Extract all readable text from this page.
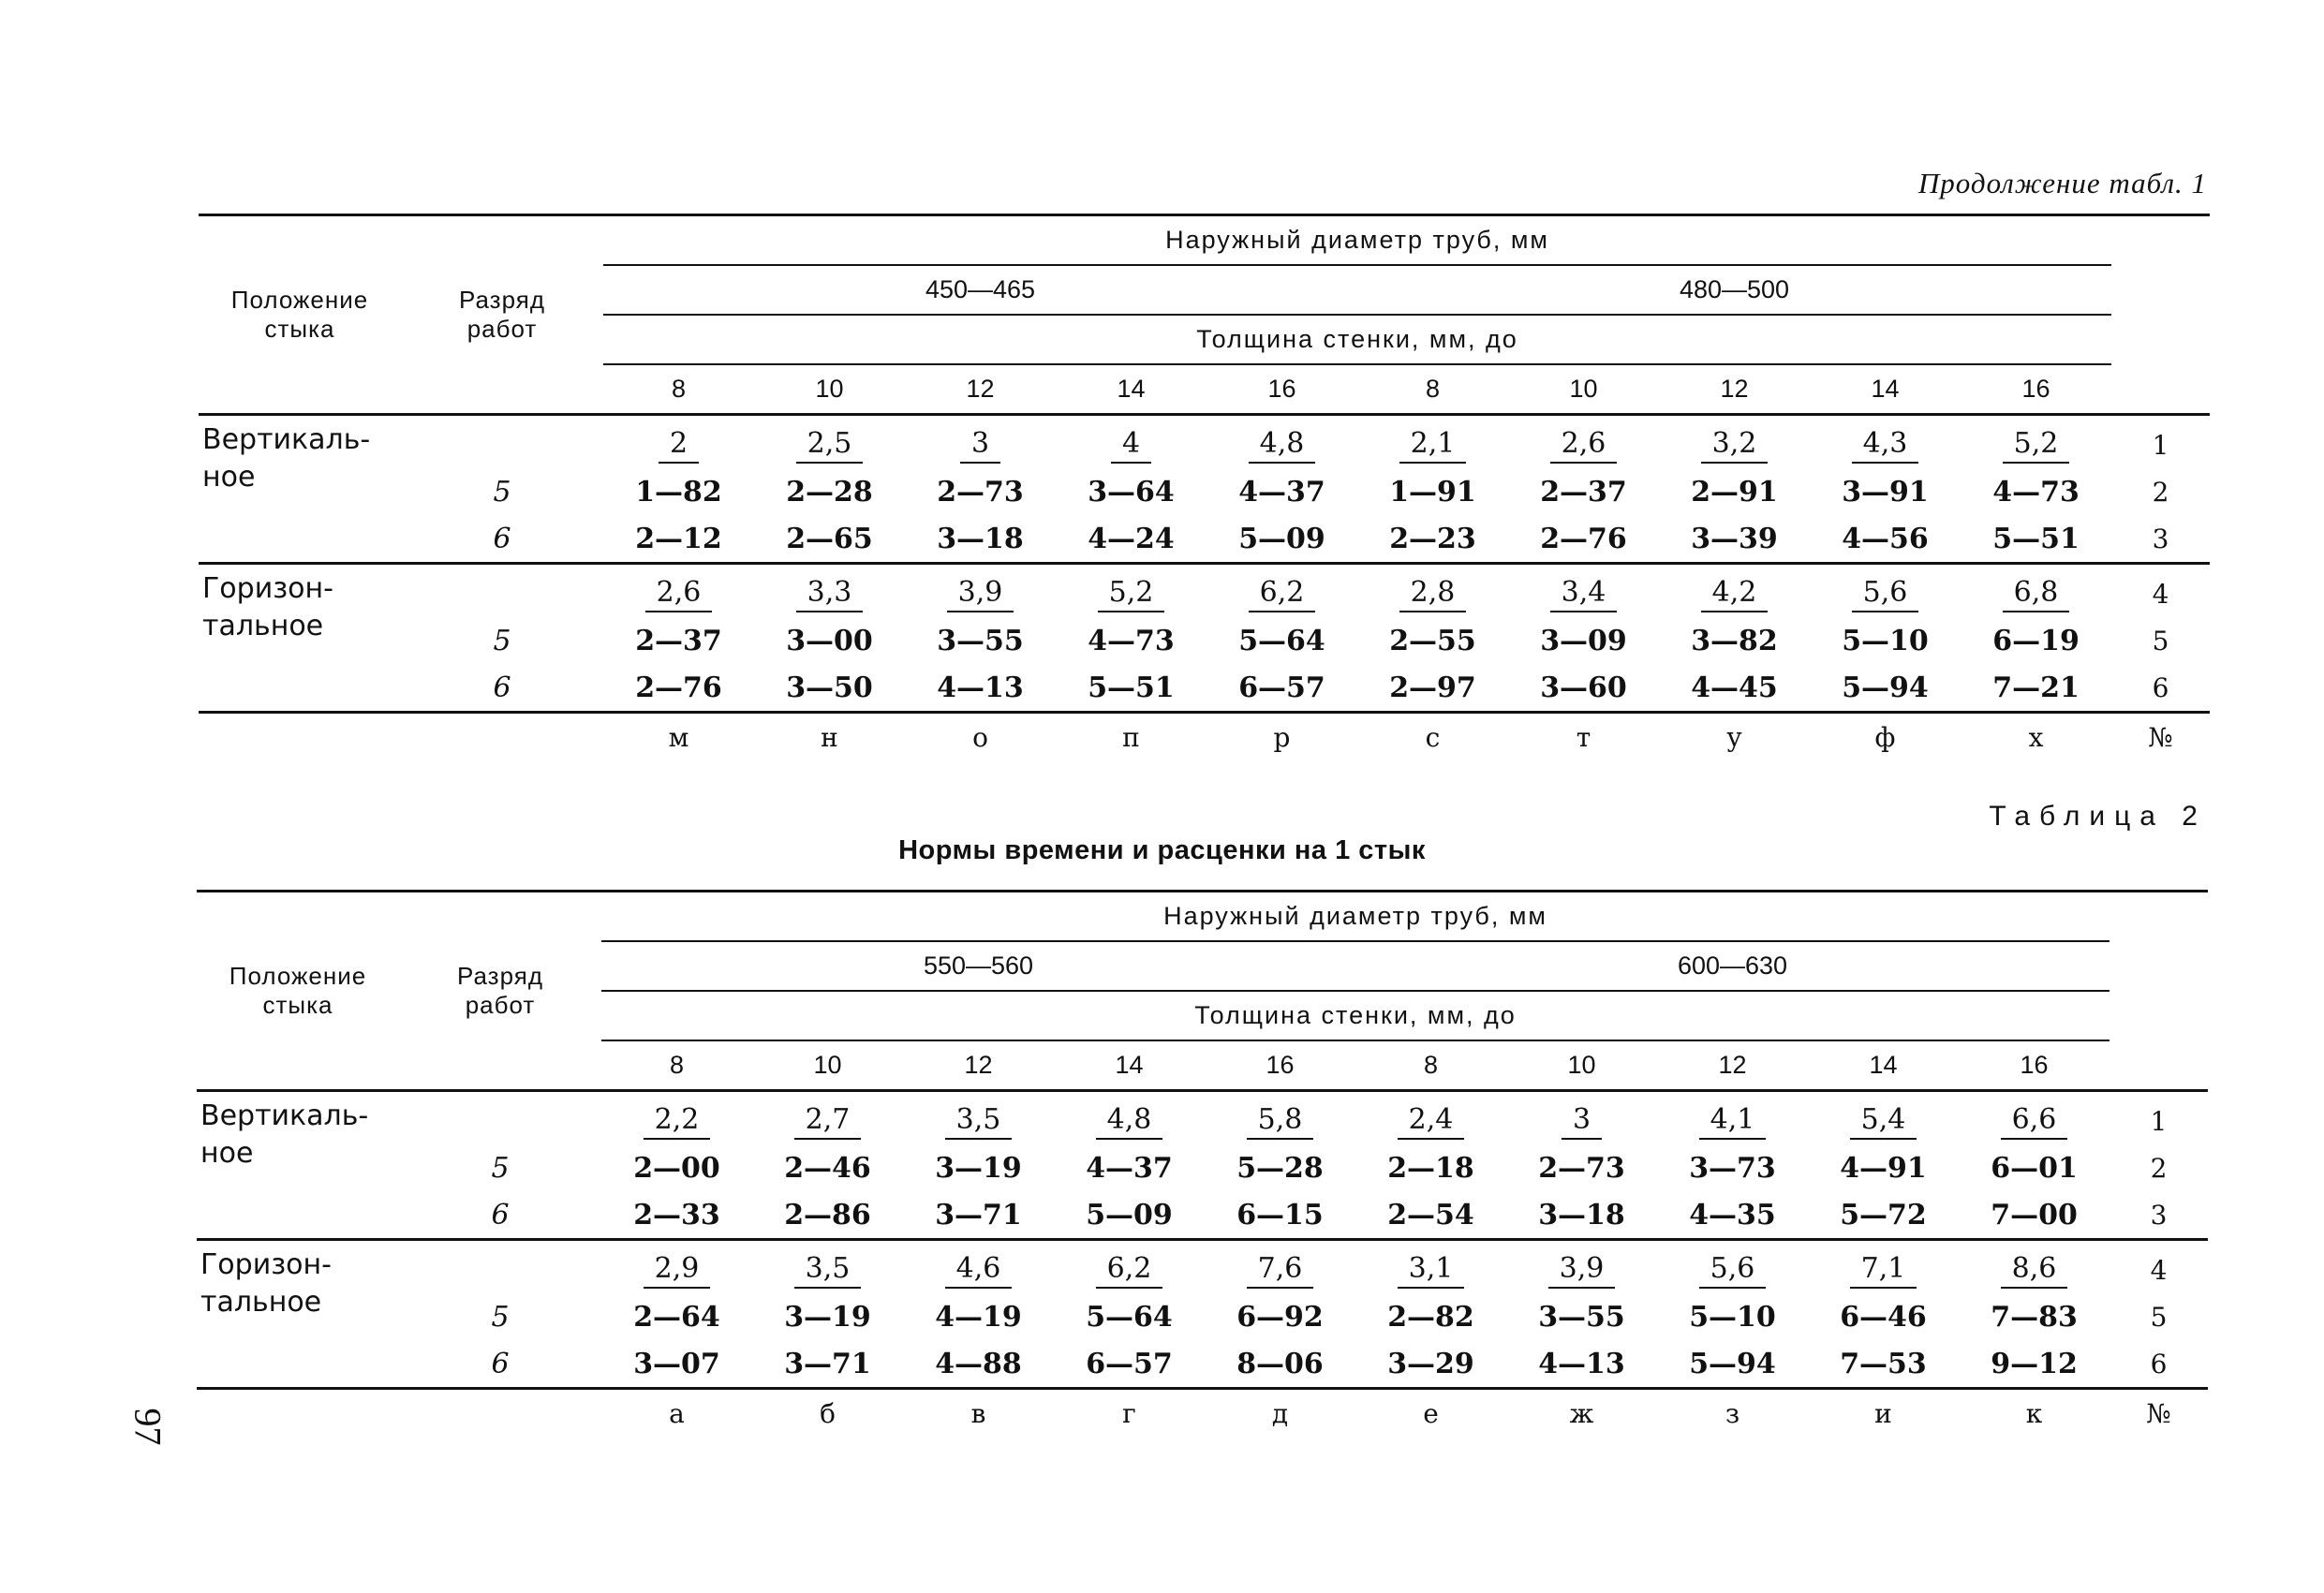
Продолжение табл. 1
Положение
стыка	Разряд
работ	Наружный диаметр труб, мм										
		450—465					480—500					
		Толщина стенки, мм, до										
		8	10	12	14	16	8	10	12	14	16	
Вертикаль-
ное		2	2,5	3	4	4,8	2,1	2,6	3,2	4,3	5,2	1
	5	1—82	2—28	2—73	3—64	4—37	1—91	2—37	2—91	3—91	4—73	2
	6	2—12	2—65	3—18	4—24	5—09	2—23	2—76	3—39	4—56	5—51	3
Горизон-
тальное		2,6	3,3	3,9	5,2	6,2	2,8	3,4	4,2	5,6	6,8	4
	5	2—37	3—00	3—55	4—73	5—64	2—55	3—09	3—82	5—10	6—19	5
	6	2—76	3—50	4—13	5—51	6—57	2—97	3—60	4—45	5—94	7—21	6
		м	н	о	п	р	с	т	у	ф	х	№
Таблица 2
Нормы времени и расценки на 1 стык
Положение
стыка	Разряд
работ	Наружный диаметр труб, мм										
		550—560					600—630					
		Толщина стенки, мм, до										
		8	10	12	14	16	8	10	12	14	16	
Вертикаль-
ное		2,2	2,7	3,5	4,8	5,8	2,4	3	4,1	5,4	6,6	1
	5	2—00	2—46	3—19	4—37	5—28	2—18	2—73	3—73	4—91	6—01	2
	6	2—33	2—86	3—71	5—09	6—15	2—54	3—18	4—35	5—72	7—00	3
Горизон-
тальное		2,9	3,5	4,6	6,2	7,6	3,1	3,9	5,6	7,1	8,6	4
	5	2—64	3—19	4—19	5—64	6—92	2—82	3—55	5—10	6—46	7—83	5
	6	3—07	3—71	4—88	6—57	8—06	3—29	4—13	5—94	7—53	9—12	6
		а	б	в	г	д	е	ж	з	и	к	№
97
